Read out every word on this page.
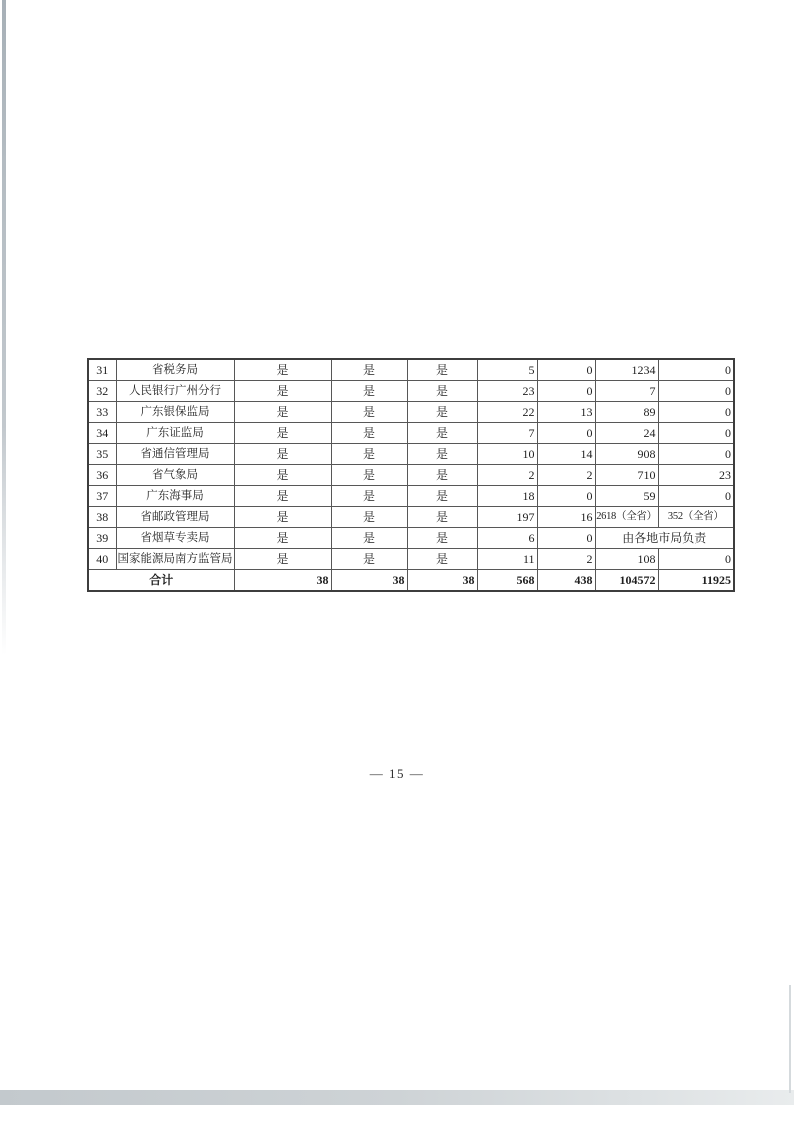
31	省税务局	是	是	是	5	0	1234	0
32	人民银行广州分行	是	是	是	23	0	7	0
33	广东银保监局	是	是	是	22	13	89	0
34	广东证监局	是	是	是	7	0	24	0
35	省通信管理局	是	是	是	10	14	908	0
36	省气象局	是	是	是	2	2	710	23
37	广东海事局	是	是	是	18	0	59	0
38	省邮政管理局	是	是	是	197	16	2618（全省）	352（全省）
39	省烟草专卖局	是	是	是	6	0	由各地市局负责	
40	国家能源局南方监管局	是	是	是	11	2	108	0
合计		38	38	38	568	438	104572	11925
— 15 —
